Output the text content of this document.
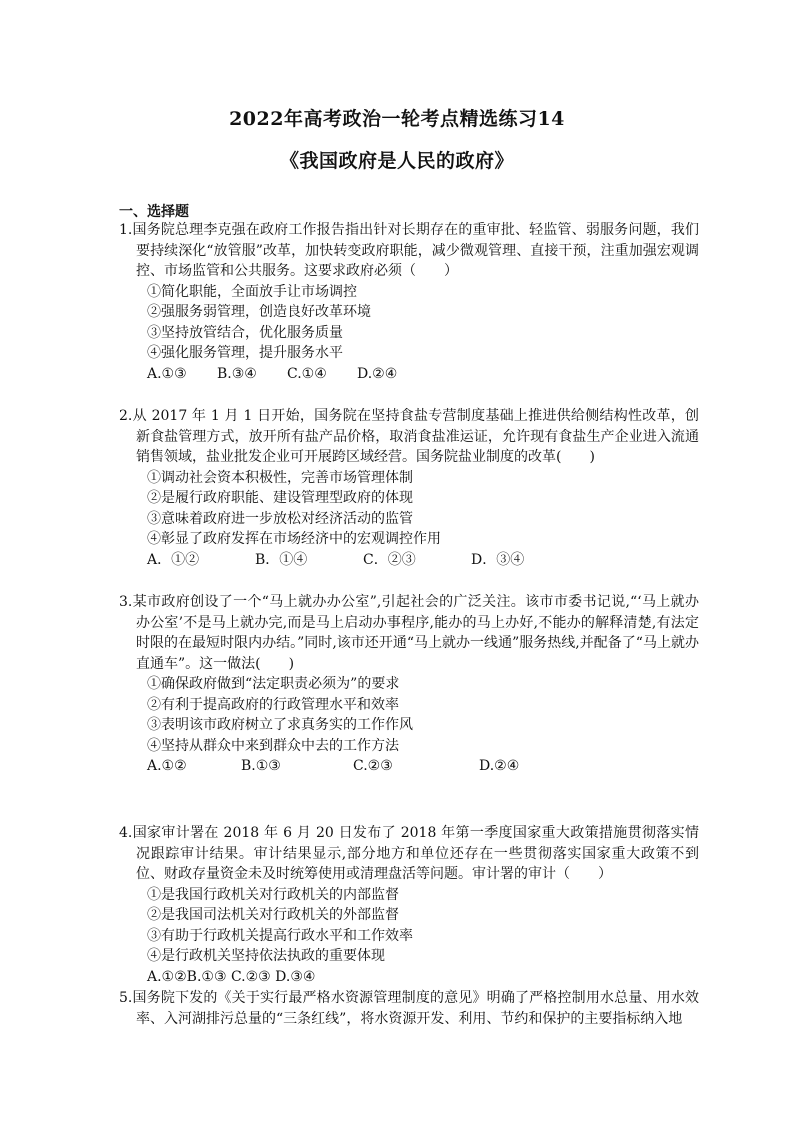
2022年高考政治一轮考点精选练习14
《我国政府是人民的政府》
一、选择题
1.国务院总理李克强在政府工作报告指出针对长期存在的重审批、轻监管、弱服务问题，我们要持续深化“放管服”改革，加快转变政府职能，减少微观管理、直接干预，注重加强宏观调控、市场监管和公共服务。这要求政府必须（　　）
①简化职能，全面放手让市场调控
②强服务弱管理，创造良好改革环境
③坚持放管结合，优化服务质量
④强化服务管理，提升服务水平
A.①③ B.③④ C.①④ D.②④
2.从 2017 年 1 月 1 日开始，国务院在坚持食盐专营制度基础上推进供给侧结构性改革，创新食盐管理方式，放开所有盐产品价格，取消食盐准运证，允许现有食盐生产企业进入流通销售领域，盐业批发企业可开展跨区域经营。国务院盐业制度的改革(　　)
①调动社会资本积极性，完善市场管理体制
②是履行政府职能、建设管理型政府的体现
③意味着政府进一步放松对经济活动的监管
④彰显了政府发挥在市场经济中的宏观调控作用
A．①②	B．①④	C．②③	D．③④
3.某市政府创设了一个“马上就办办公室”,引起社会的广泛关注。该市市委书记说,“‘马上就办办公室’不是马上就办完,而是马上启动办事程序,能办的马上办好,不能办的解释清楚,有法定时限的在最短时限内办结。”同时,该市还开通“马上就办一线通”服务热线,并配备了“马上就办直通车”。这一做法(　　)
①确保政府做到“法定职责必须为”的要求
②有利于提高政府的行政管理水平和效率
③表明该市政府树立了求真务实的工作作风
④坚持从群众中来到群众中去的工作方法
A.①②	B.①③	C.②③	D.②④
4.国家审计署在 2018 年 6 月 20 日发布了 2018 年第一季度国家重大政策措施贯彻落实情况跟踪审计结果。审计结果显示,部分地方和单位还存在一些贯彻落实国家重大政策不到位、财政存量资金未及时统筹使用或清理盘活等问题。审计署的审计（　　）
①是我国行政机关对行政机关的内部监督
②是我国司法机关对行政机关的外部监督
③有助于行政机关提高行政水平和工作效率
④是行政机关坚持依法执政的重要体现
A.①②B.①③ C.②③ D.③④
5.国务院下发的《关于实行最严格水资源管理制度的意见》明确了严格控制用水总量、用水效率、入河湖排污总量的“三条红线”，将水资源开发、利用、节约和保护的主要指标纳入地
